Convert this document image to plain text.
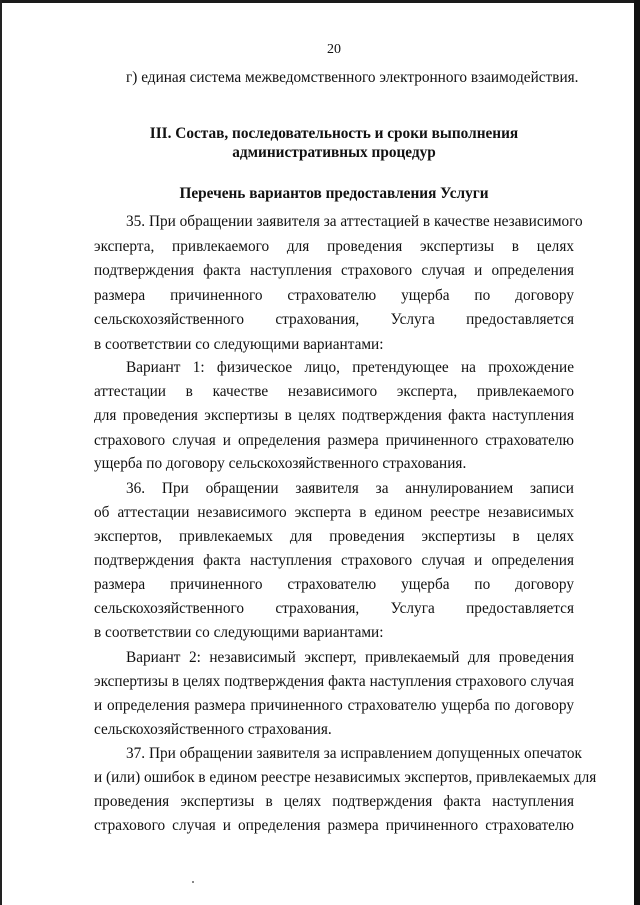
20
г) единая система межведомственного электронного взаимодействия.
III. Состав, последовательность и сроки выполнения
административных процедур
Перечень вариантов предоставления Услуги
35. При обращении заявителя за аттестацией в качестве независимого
эксперта, привлекаемого для проведения экспертизы в целях
подтверждения факта наступления страхового случая и определения
размера причиненного страхователю ущерба по договору
сельскохозяйственного страхования, Услуга предоставляется
в соответствии со следующими вариантами:
Вариант 1: физическое лицо, претендующее на прохождение
аттестации в качестве независимого эксперта, привлекаемого
для проведения экспертизы в целях подтверждения факта наступления
страхового случая и определения размера причиненного страхователю
ущерба по договору сельскохозяйственного страхования.
36. При обращении заявителя за аннулированием записи
об аттестации независимого эксперта в едином реестре независимых
экспертов, привлекаемых для проведения экспертизы в целях
подтверждения факта наступления страхового случая и определения
размера причиненного страхователю ущерба по договору
сельскохозяйственного страхования, Услуга предоставляется
в соответствии со следующими вариантами:
Вариант 2: независимый эксперт, привлекаемый для проведения
экспертизы в целях подтверждения факта наступления страхового случая
и определения размера причиненного страхователю ущерба по договору
сельскохозяйственного страхования.
37. При обращении заявителя за исправлением допущенных опечаток
и (или) ошибок в едином реестре независимых экспертов, привлекаемых для
проведения экспертизы в целях подтверждения факта наступления
страхового случая и определения размера причиненного страхователю
